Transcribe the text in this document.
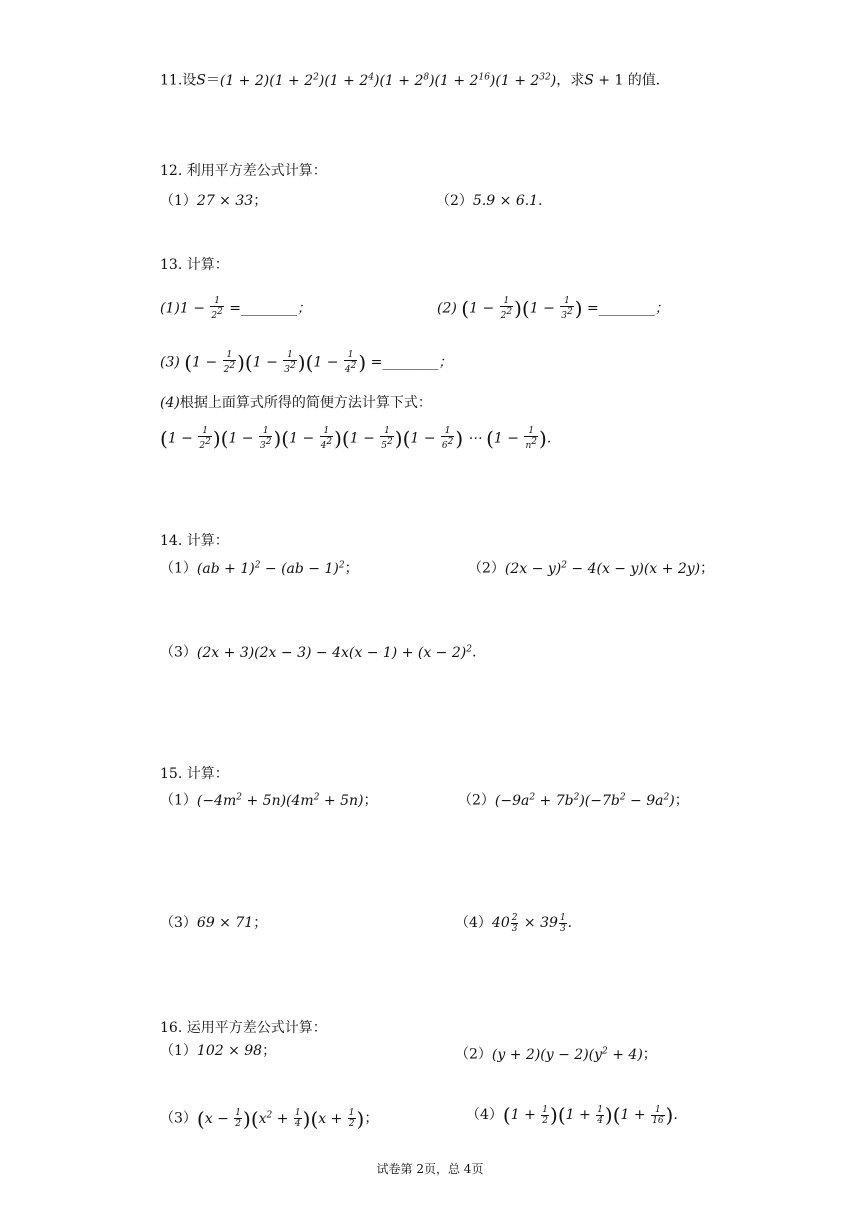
11.设$S=(1 + 2)(1 + 2^2)(1 + 2^4)(1 + 2^8)(1 + 2^{16})(1 + 2^{32})$，求S + 1 的值．
12. 利用平方差公式计算：
（1）27 × 33；	（2）5.9 × 6.1．
13. 计算：
$(1)1 - \frac{1}{2^2}$ =________；	(2) $(1 - \frac{1}{2^2} )(1 - \frac{1}{3^2}$ ) =________；
(3) $(1 - \frac{1}{2^2} )(1 - \frac{1}{3^2} )(1 - \frac{1}{4^2}$ ) =________；
(4)根据上面算式所得的简便方法计算下式：
$(1 - \frac{1}{2^2} )(1 - \frac{1}{3^2} )(1 - \frac{1}{4^2} )(1 - \frac{1}{5^2} )(1 - \frac{1}{6^2}$ ) ⋯ ($1 - \frac{1}{n^2}$ ).
14. 计算：
（1）(ab + 1)$^2$ − (ab − 1)$^2$；	$(2)(2x - y)^2 - 4(x - y)(x + 2y)$；
$(3)(2x + 3)(2x - 3) - 4x(x - 1) + (x - 2)^2$.
15. 计算：
$(1)(-4m^2 + 5n)(4m^2 + 5n)$；	$(2)(-9a^2 + 7b^2)(-7b^2 - 9a^2)$；
（3）69 × 71；	$(4)40 \frac{2}{3} \times 39 \frac{1}{3}$ .
16. 运用平方差公式计算：
（1）102 × 98；	$(2)(y + 2)(y - 2)(y^2 + 4)$；
$(3)(x - \frac{1}{2} )(x^2 + \frac{1}{4} )(x + \frac{1}{2}$ )；	$(4)(1 + \frac{1}{2} )(1 + \frac{1}{4} )(1 + \frac{1}{16}$ ).
试卷第 2页，总 4页
